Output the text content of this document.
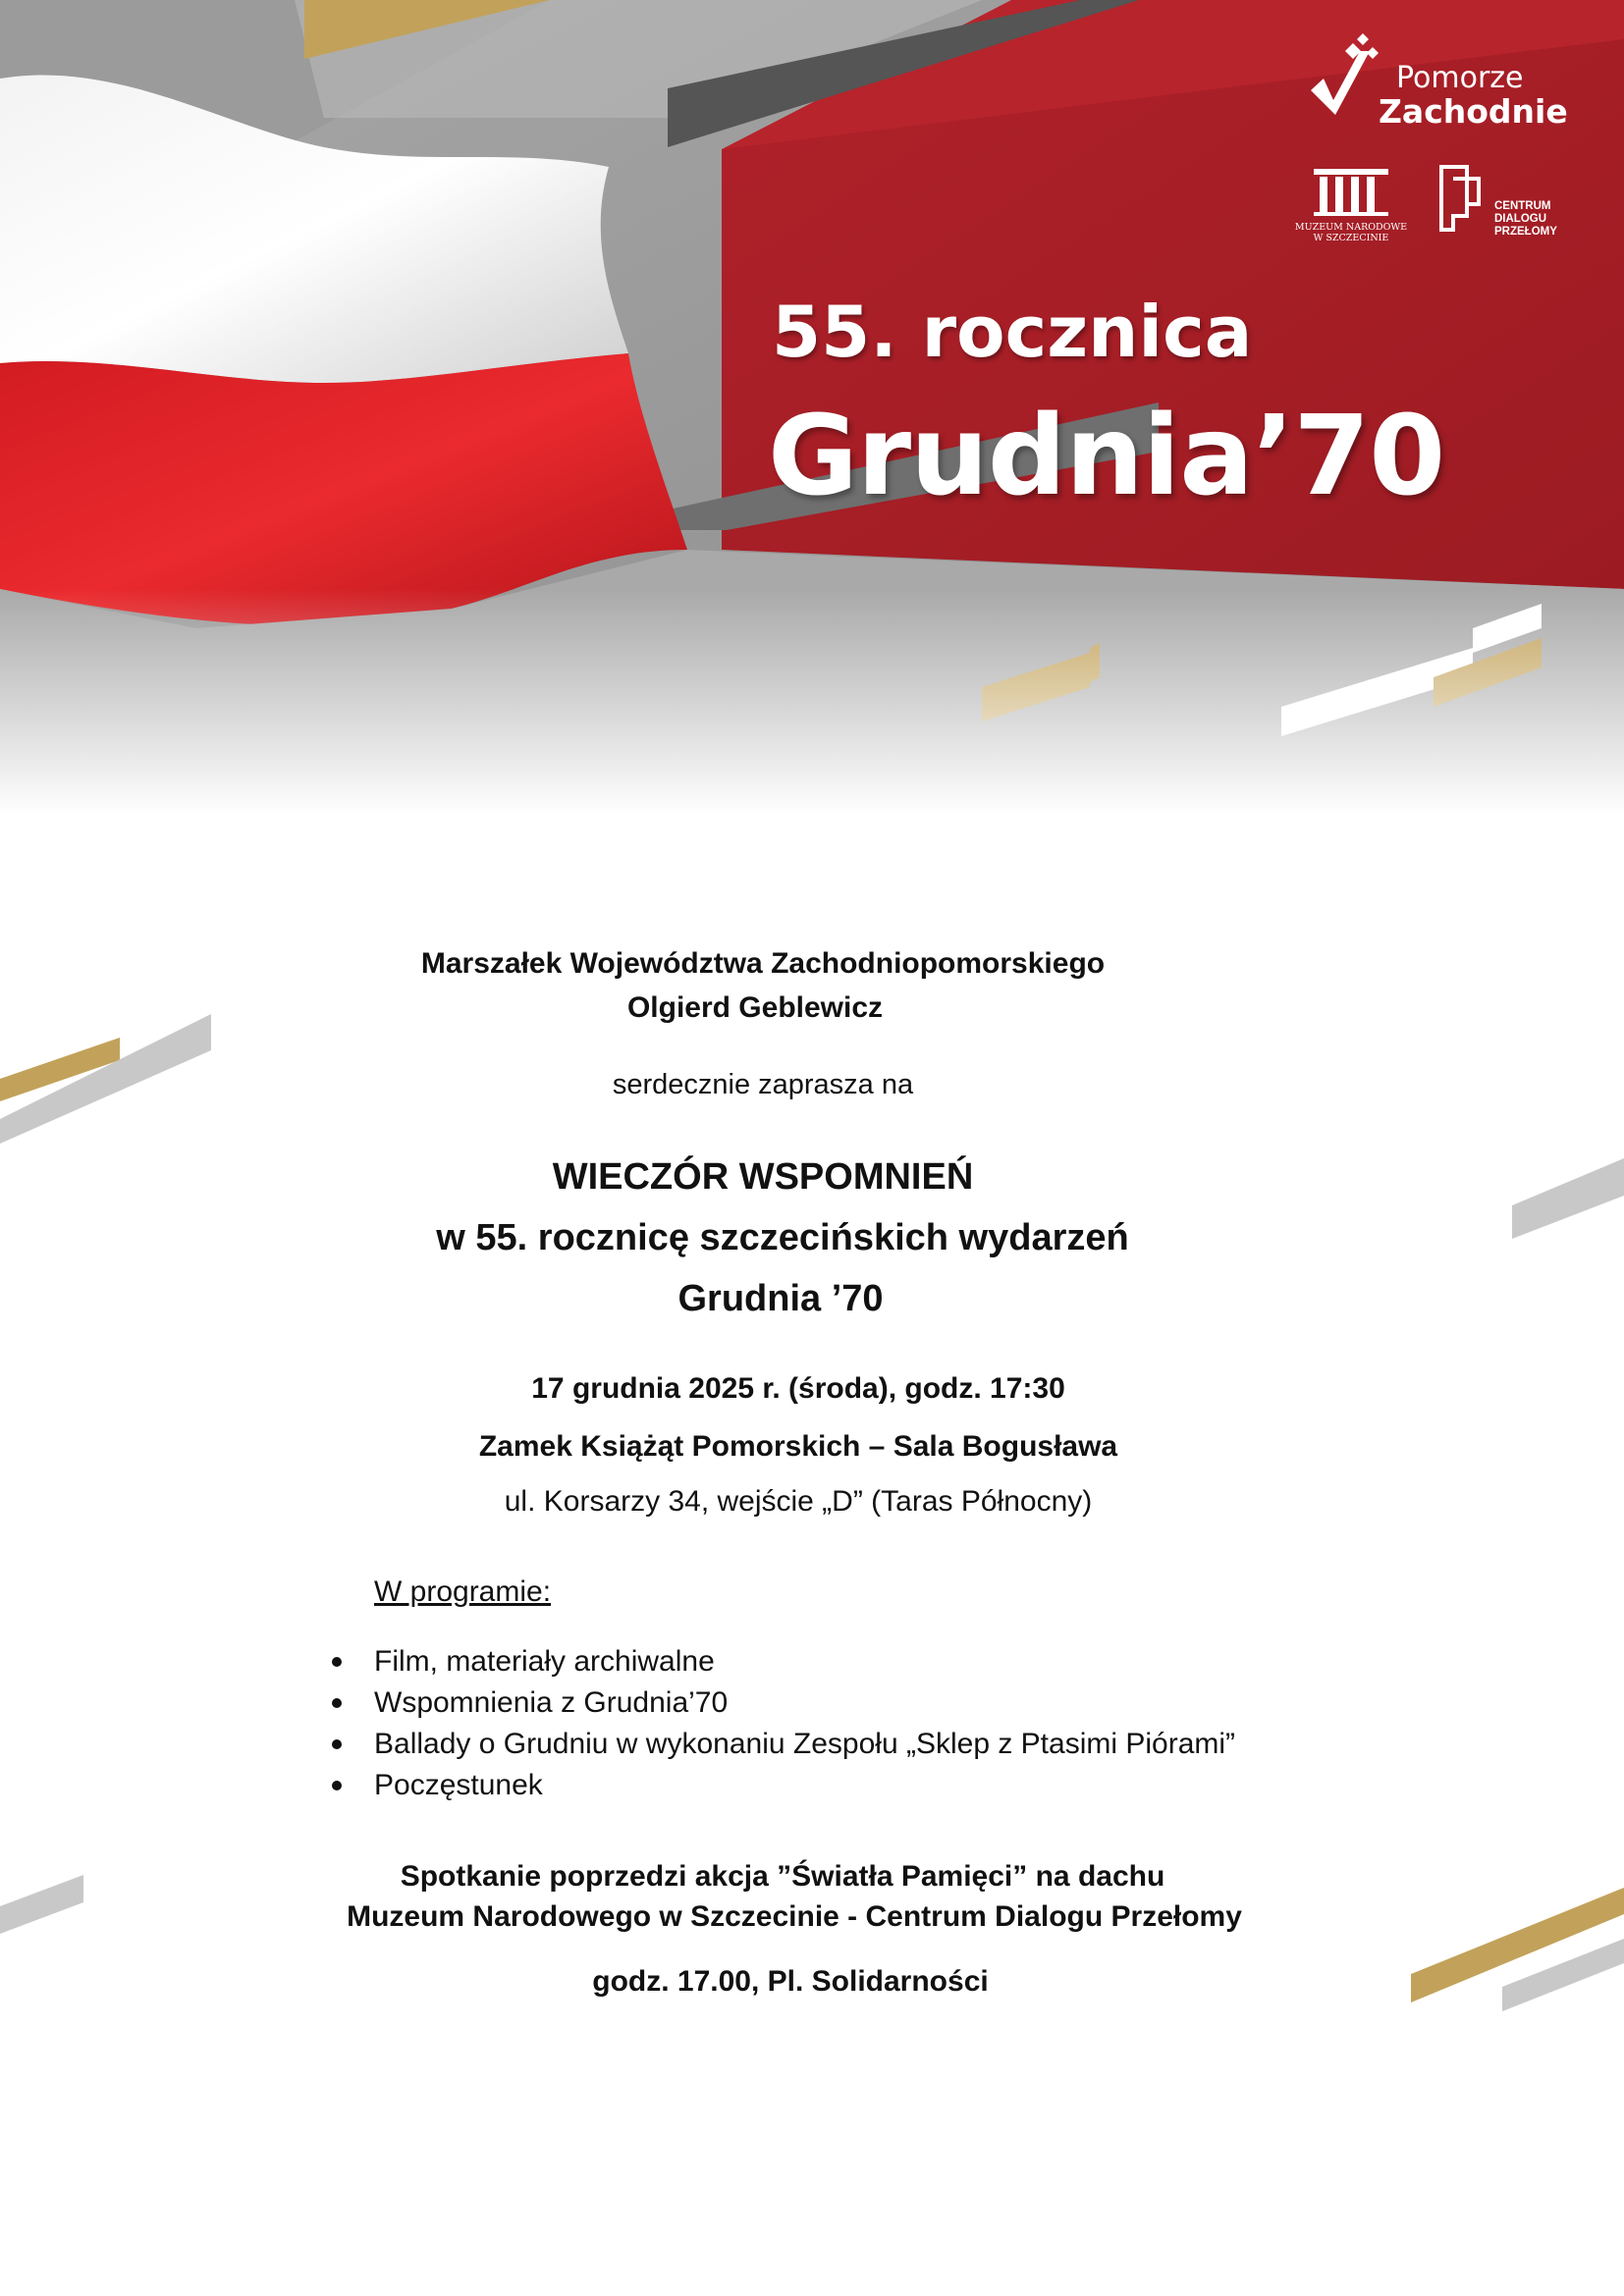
Pomorze
Zachodnie
MUZEUM NARODOWE W SZCZECINIE
CENTRUM
DIALOGU
PRZEŁOMY
55. rocznica
Grudnia’70
Marszałek Województwa Zachodniopomorskiego
Olgierd Geblewicz
serdecznie zaprasza na
WIECZÓR WSPOMNIEŃ
w 55. rocznicę szczecińskich wydarzeń
Grudnia ’70
17 grudnia 2025 r. (środa), godz. 17:30
Zamek Książąt Pomorskich – Sala Bogusława
ul. Korsarzy 34, wejście „D” (Taras Północny)
W programie:
Film, materiały archiwalne
Wspomnienia z Grudnia’70
Ballady o Grudniu w wykonaniu Zespołu „Sklep z Ptasimi Piórami”
Poczęstunek
Spotkanie poprzedzi akcja ”Światła Pamięci” na dachu
Muzeum Narodowego w Szczecinie - Centrum Dialogu Przełomy
godz. 17.00, Pl. Solidarności
